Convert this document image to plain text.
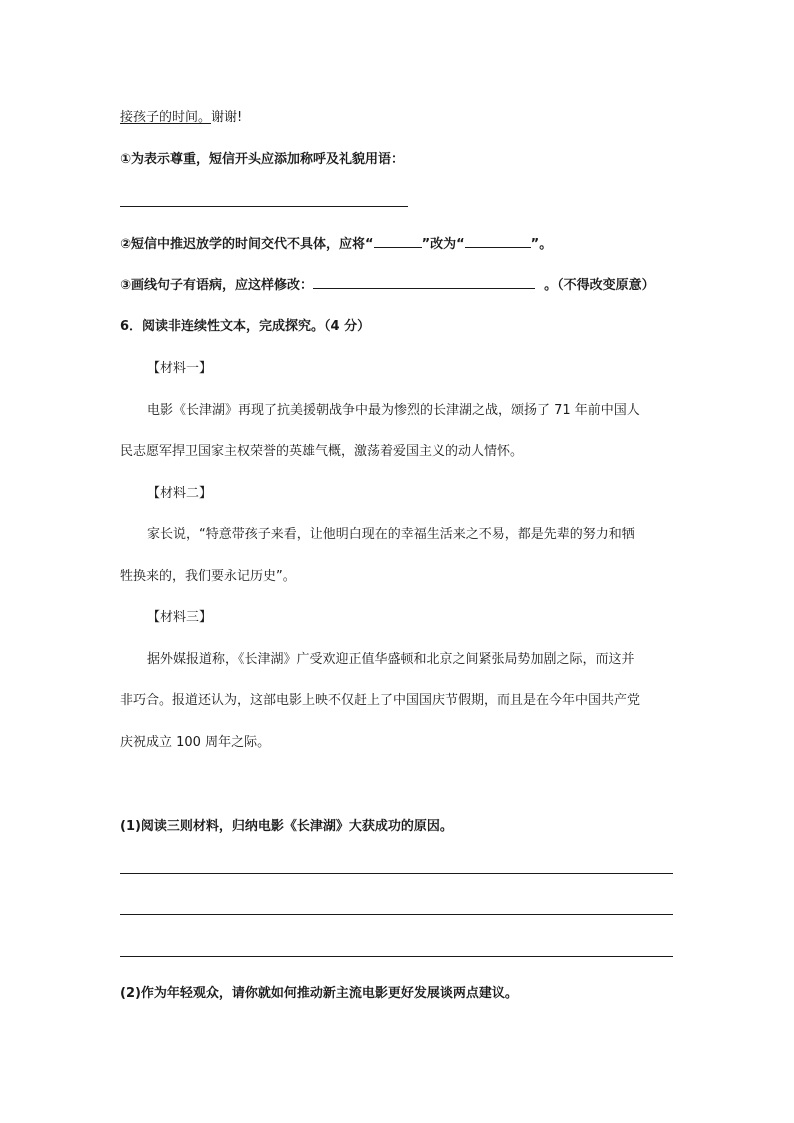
接孩子的时间。谢谢!
①为表示尊重，短信开头应添加称呼及礼貌用语：
②短信中推迟放学的时间交代不具体，应将“	”改为“	”。
③画线句子有语病，应这样修改：	。（不得改变原意）
6．阅读非连续性文本，完成探究。（4 分）
【材料一】
电影《长津湖》再现了抗美援朝战争中最为惨烈的长津湖之战，颂扬了 71 年前中国人
民志愿军捍卫国家主权荣誉的英雄气概，激荡着爱国主义的动人情怀。
【材料二】
家长说，“特意带孩子来看，让他明白现在的幸福生活来之不易，都是先辈的努力和牺
牲换来的，我们要永记历史”。
【材料三】
据外媒报道称，《长津湖》广受欢迎正值华盛顿和北京之间紧张局势加剧之际，而这并
非巧合。报道还认为，这部电影上映不仅赶上了中国国庆节假期，而且是在今年中国共产党
庆祝成立 100 周年之际。
(1)阅读三则材料，归纳电影《长津湖》大获成功的原因。
(2)作为年轻观众，请你就如何推动新主流电影更好发展谈两点建议。
